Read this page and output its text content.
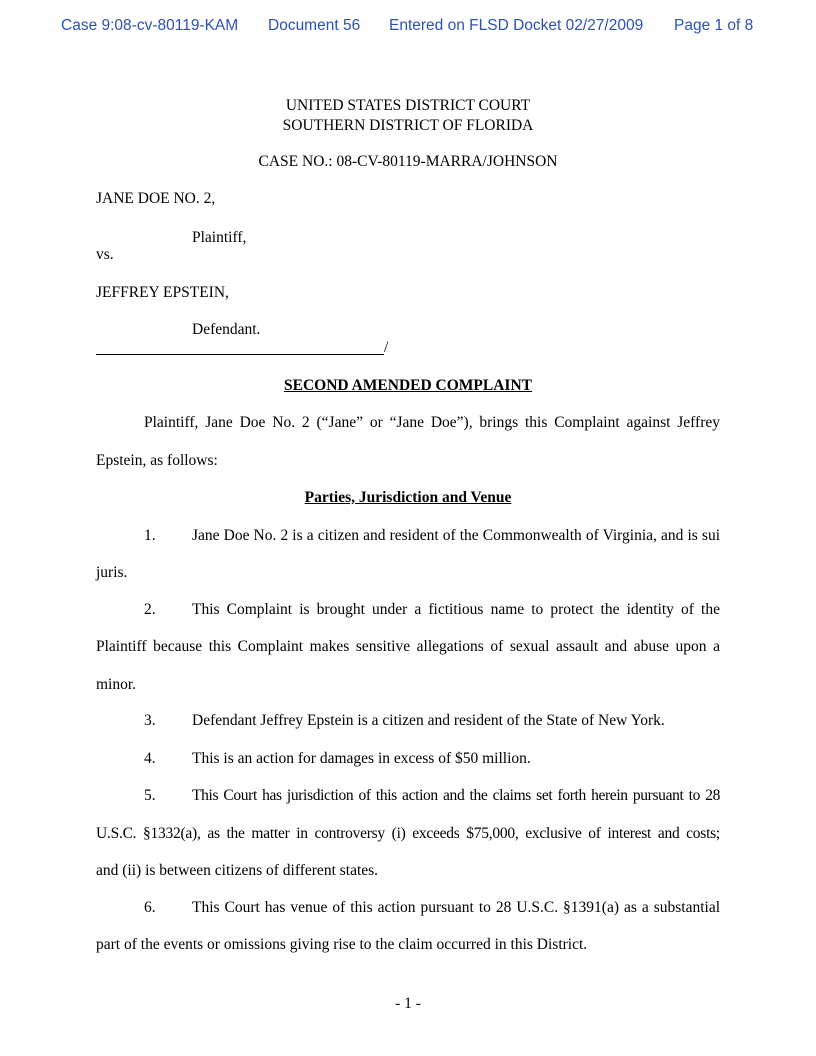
Case 9:08-cv-80119-KAM Document 56 Entered on FLSD Docket 02/27/2009 Page 1 of 8
UNITED STATES DISTRICT COURT
SOUTHERN DISTRICT OF FLORIDA
CASE NO.: 08-CV-80119-MARRA/JOHNSON
JANE DOE NO. 2,
Plaintiff,
vs.
JEFFREY EPSTEIN,
Defendant.
/
SECOND AMENDED COMPLAINT
Plaintiff, Jane Doe No. 2 (“Jane” or “Jane Doe”), brings this Complaint against Jeffrey
Epstein, as follows:
Parties, Jurisdiction and Venue
1. Jane Doe No. 2 is a citizen and resident of the Commonwealth of Virginia, and is sui
juris.
2. This Complaint is brought under a fictitious name to protect the identity of the
Plaintiff because this Complaint makes sensitive allegations of sexual assault and abuse upon a
minor.
3. Defendant Jeffrey Epstein is a citizen and resident of the State of New York.
4. This is an action for damages in excess of $50 million.
5. This Court has jurisdiction of this action and the claims set forth herein pursuant to 28
U.S.C. §1332(a), as the matter in controversy (i) exceeds $75,000, exclusive of interest and costs;
and (ii) is between citizens of different states.
6. This Court has venue of this action pursuant to 28 U.S.C. §1391(a) as a substantial
part of the events or omissions giving rise to the claim occurred in this District.
- 1 -
